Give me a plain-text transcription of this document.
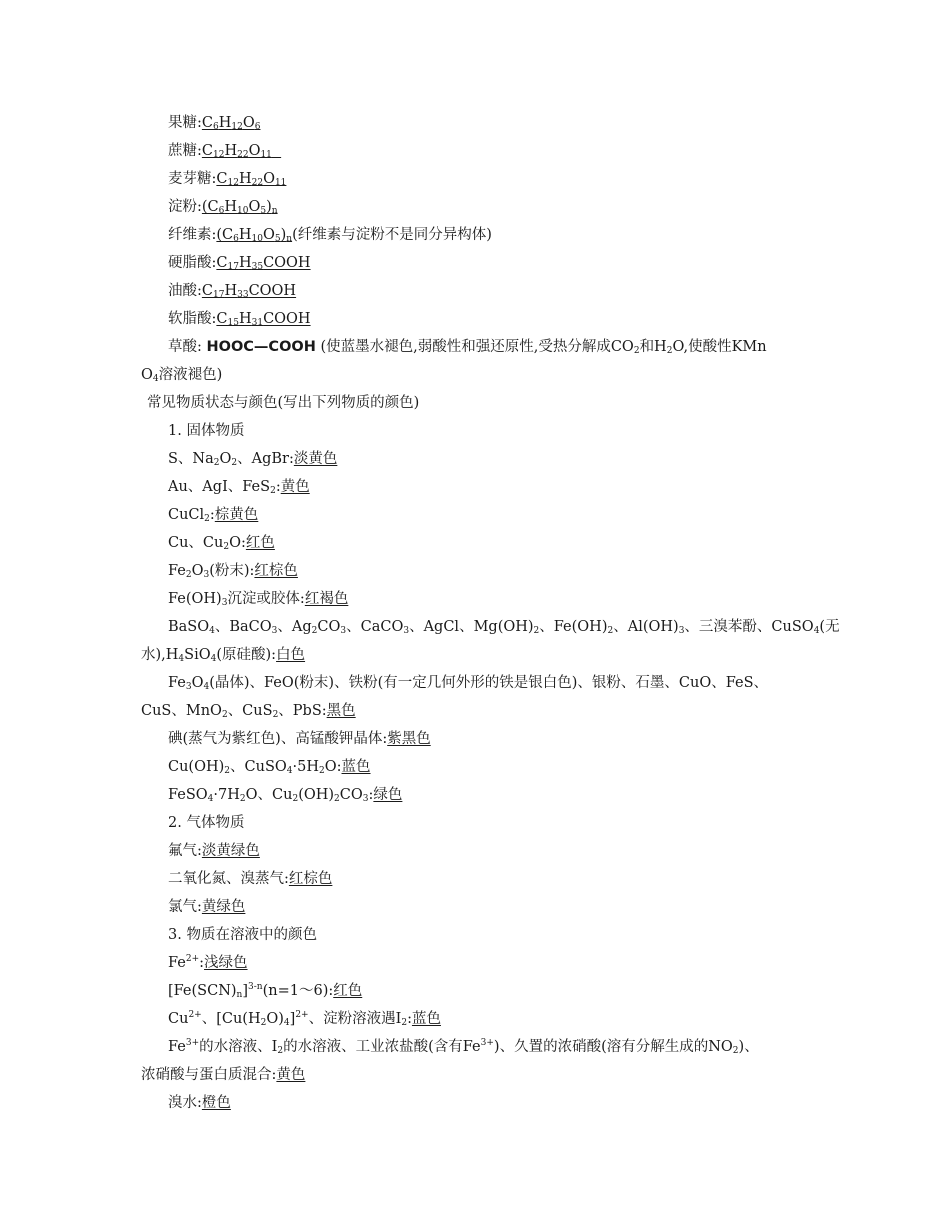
果糖$:C_6H_{12}O_6$
蔗糖$:C_{12}H_{22}O_{11}$
麦芽糖$:C_{12}H_{22}O_{11}$
淀粉$:(C_6H_{10}O_5)_n$
纤维素$:(C_6H_{10}O_5)_n$(纤维素与淀粉不是同分异构体)
硬脂酸$:C_{17}H_{35}COOH$
油酸$:C_{17}H_{33}COOH$
软脂酸$:C_{15}H_{31}COOH$
草酸: HOOC—COOH (使蓝墨水褪色,弱酸性和强还原性,受热分解成$CO_2$和$H_2O$,使酸性KMn
$O_4$溶液褪色)
常见物质状态与颜色(写出下列物质的颜色)
1. 固体物质
S、$Na_2O_2$、AgBr:淡黄色
Au、AgI、FeS$_2$:黄色
CuCl$_2$:棕黄色
Cu、$Cu_2O$:红色
$Fe_2O_3$(粉末):红棕色
$Fe(OH)_3$沉淀或胶体:红褐色
BaSO$_4$、BaCO$_3$、$Ag_2CO_3$、CaCO$_3$、AgCl、$Mg(OH)_2$、$Fe(OH)_2$、$Al(OH)_3$、三溴苯酚、CuSO$_4$(无
水)$,H_4SiO_4$(原硅酸):白色
$Fe_3O_4$(晶体)、FeO(粉末)、铁粉(有一定几何外形的铁是银白色)、银粉、石墨、CuO、FeS、
CuS、MnO$_2$、CuS$_2$、PbS:黑色
碘(蒸气为紫红色)、高锰酸钾晶体:紫黑色
$Cu(OH)_2$、$CuSO_4\cdot 5H_2O$:蓝色
$FeSO_4\cdot 7H_2O$、$Cu_2(OH)_2CO_3$:绿色
2. 气体物质
氟气:淡黄绿色
二氧化氮、溴蒸气:红棕色
氯气:黄绿色
3. 物质在溶液中的颜色
$Fe^{2+}$:浅绿色
$[Fe(SCN)_n]^{3-n}(n=1\sim 6)$:红色
$Cu^{2+}$、$[Cu(H_2O)_4]^{2+}$、淀粉溶液遇$I_2$:蓝色
$Fe^{3+}$的水溶液、$I_2$的水溶液、工业浓盐酸(含有$Fe^{3+}$)、久置的浓硝酸(溶有分解生成的$NO_2$)、
浓硝酸与蛋白质混合:黄色
溴水:橙色
